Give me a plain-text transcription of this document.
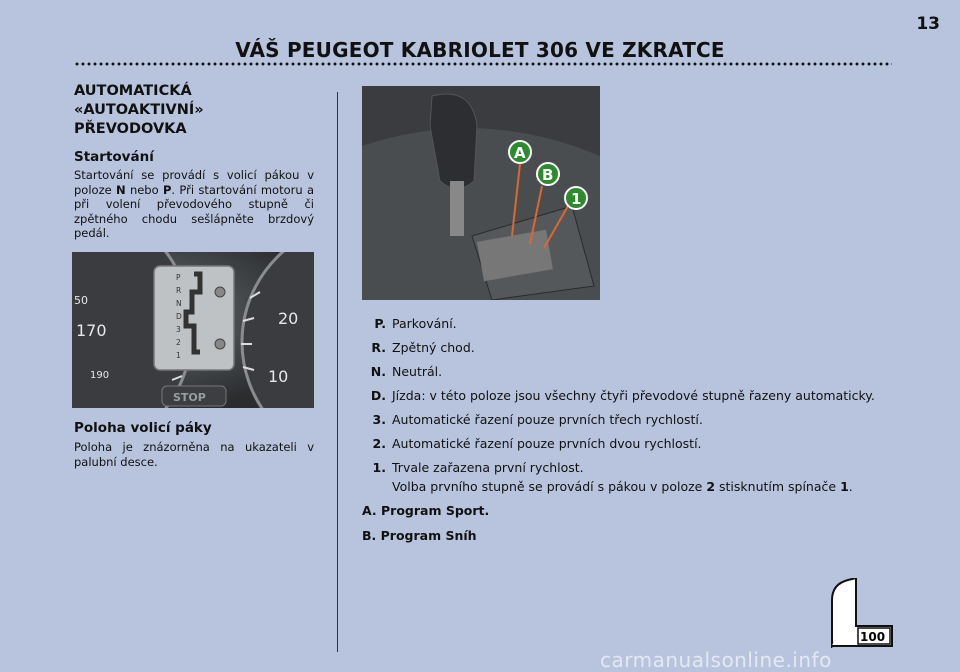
13
VÁŠ PEUGEOT KABRIOLET 306 VE ZKRATCE
AUTOMATICKÁ
«AUTOAKTIVNÍ»
PŘEVODOVKA
Startování
Startování se provádí s volicí pákou v poloze N nebo P. Při startování motoru a při volení převodového stupně či zpětného chodu sešlápněte brzdový pedál.
50
170
190
20
10
P
R
N
D
3
2
1
STOP
Poloha volicí páky
Poloha je znázorněna na ukazateli v palubní desce.
A
B
1
P. Parkování.
R. Zpětný chod.
N. Neutrál.
D. Jízda: v této poloze jsou všechny čtyři převodové stupně řazeny automaticky.
3. Automatické řazení pouze prvních třech rychlostí.
2. Automatické řazení pouze prvních dvou rychlostí.
1. Trvale zařazena první rychlost.
Volba prvního stupně se provádí s pákou v poloze 2 stisknutím spínače 1.
A. Program Sport.
B. Program Sníh
100
carmanualsonline.info
